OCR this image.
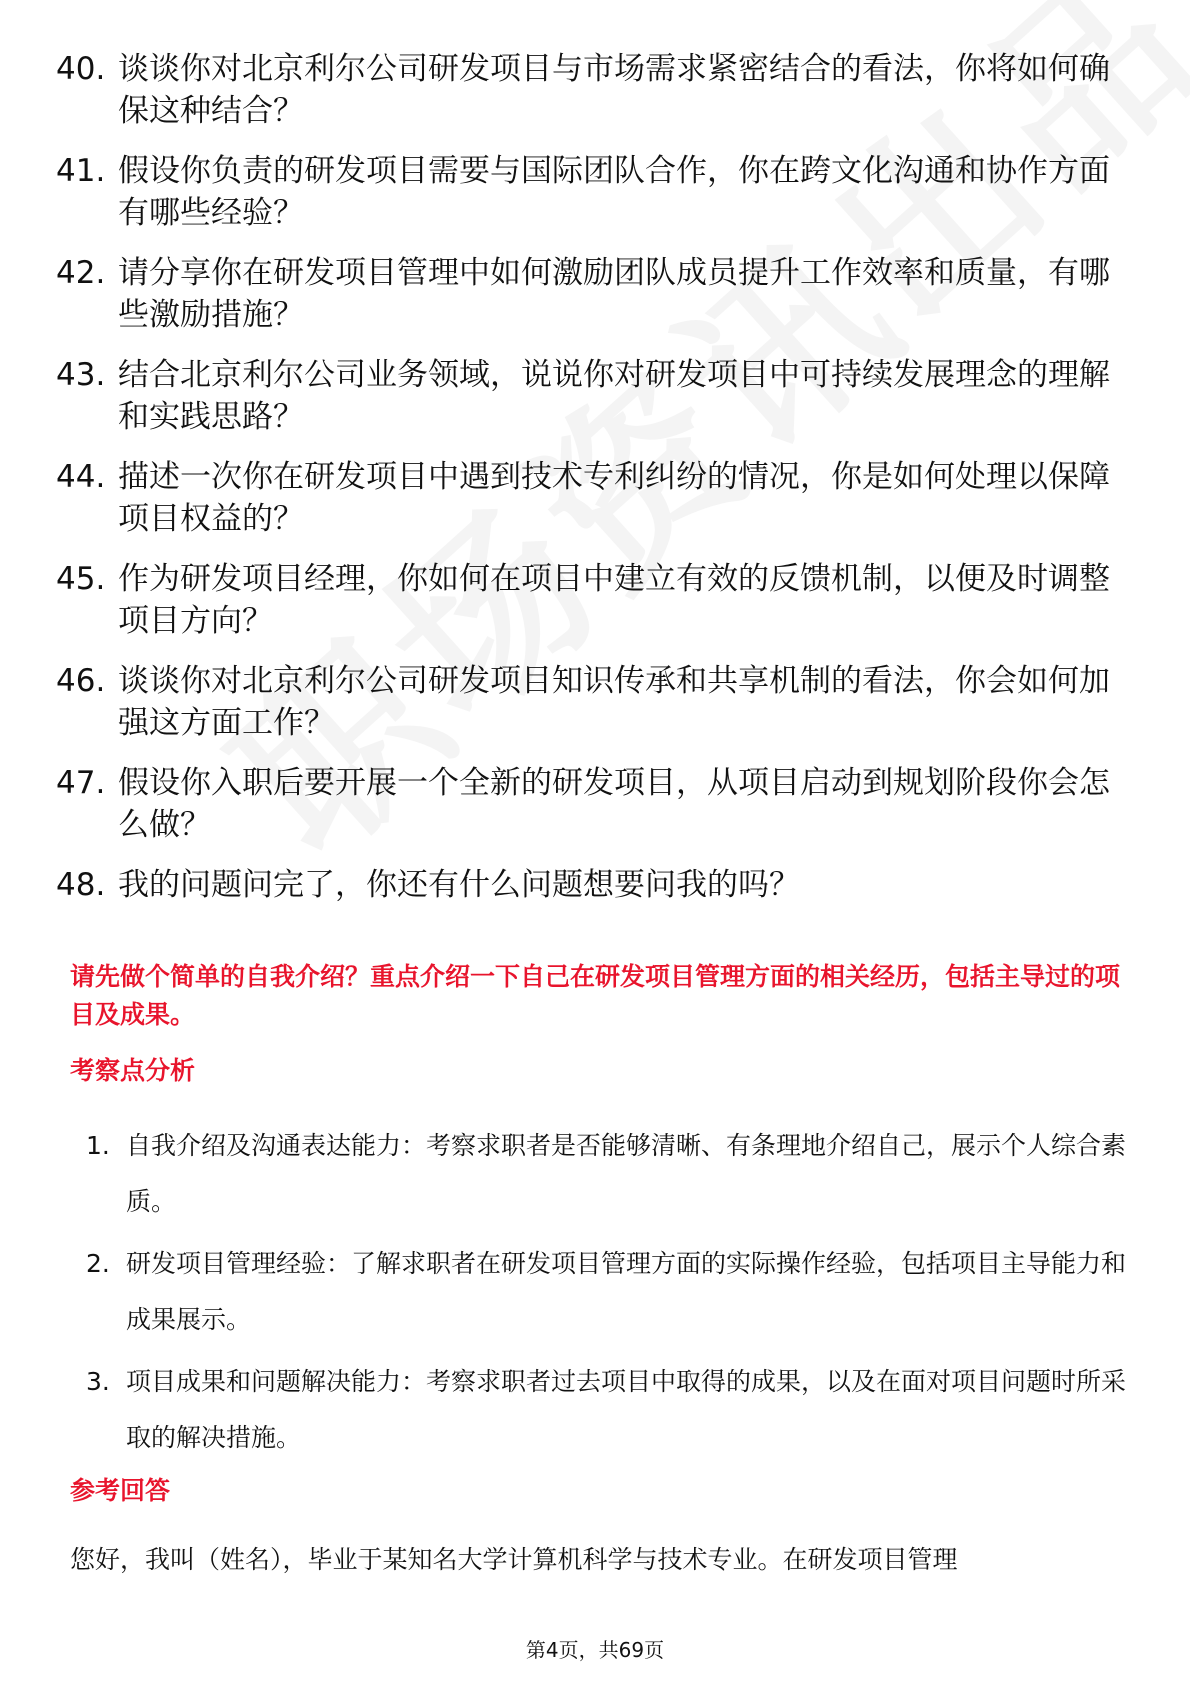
40. 谈谈你对北京利尔公司研发项目与市场需求紧密结合的看法，你将如何确保这种结合？
41. 假设你负责的研发项目需要与国际团队合作，你在跨文化沟通和协作方面有哪些经验？
42. 请分享你在研发项目管理中如何激励团队成员提升工作效率和质量，有哪些激励措施？
43. 结合北京利尔公司业务领域，说说你对研发项目中可持续发展理念的理解和实践思路？
44. 描述一次你在研发项目中遇到技术专利纠纷的情况，你是如何处理以保障项目权益的？
45. 作为研发项目经理，你如何在项目中建立有效的反馈机制，以便及时调整项目方向？
46. 谈谈你对北京利尔公司研发项目知识传承和共享机制的看法，你会如何加强这方面工作？
47. 假设你入职后要开展一个全新的研发项目，从项目启动到规划阶段你会怎么做？
48. 我的问题问完了，你还有什么问题想要问我的吗？

请先做个简单的自我介绍？重点介绍一下自己在研发项目管理方面的相关经历，包括主导过的项目及成果。

考察点分析
1. 自我介绍及沟通表达能力：考察求职者是否能够清晰、有条理地介绍自己，展示个人综合素质。
2. 研发项目管理经验：了解求职者在研发项目管理方面的实际操作经验，包括项目主导能力和成果展示。
3. 项目成果和问题解决能力：考察求职者过去项目中取得的成果，以及在面对项目问题时所采取的解决措施。
参考回答

您好，我叫（姓名），毕业于某知名大学计算机科学与技术专业。在研发项目管理

第4页，共69页
